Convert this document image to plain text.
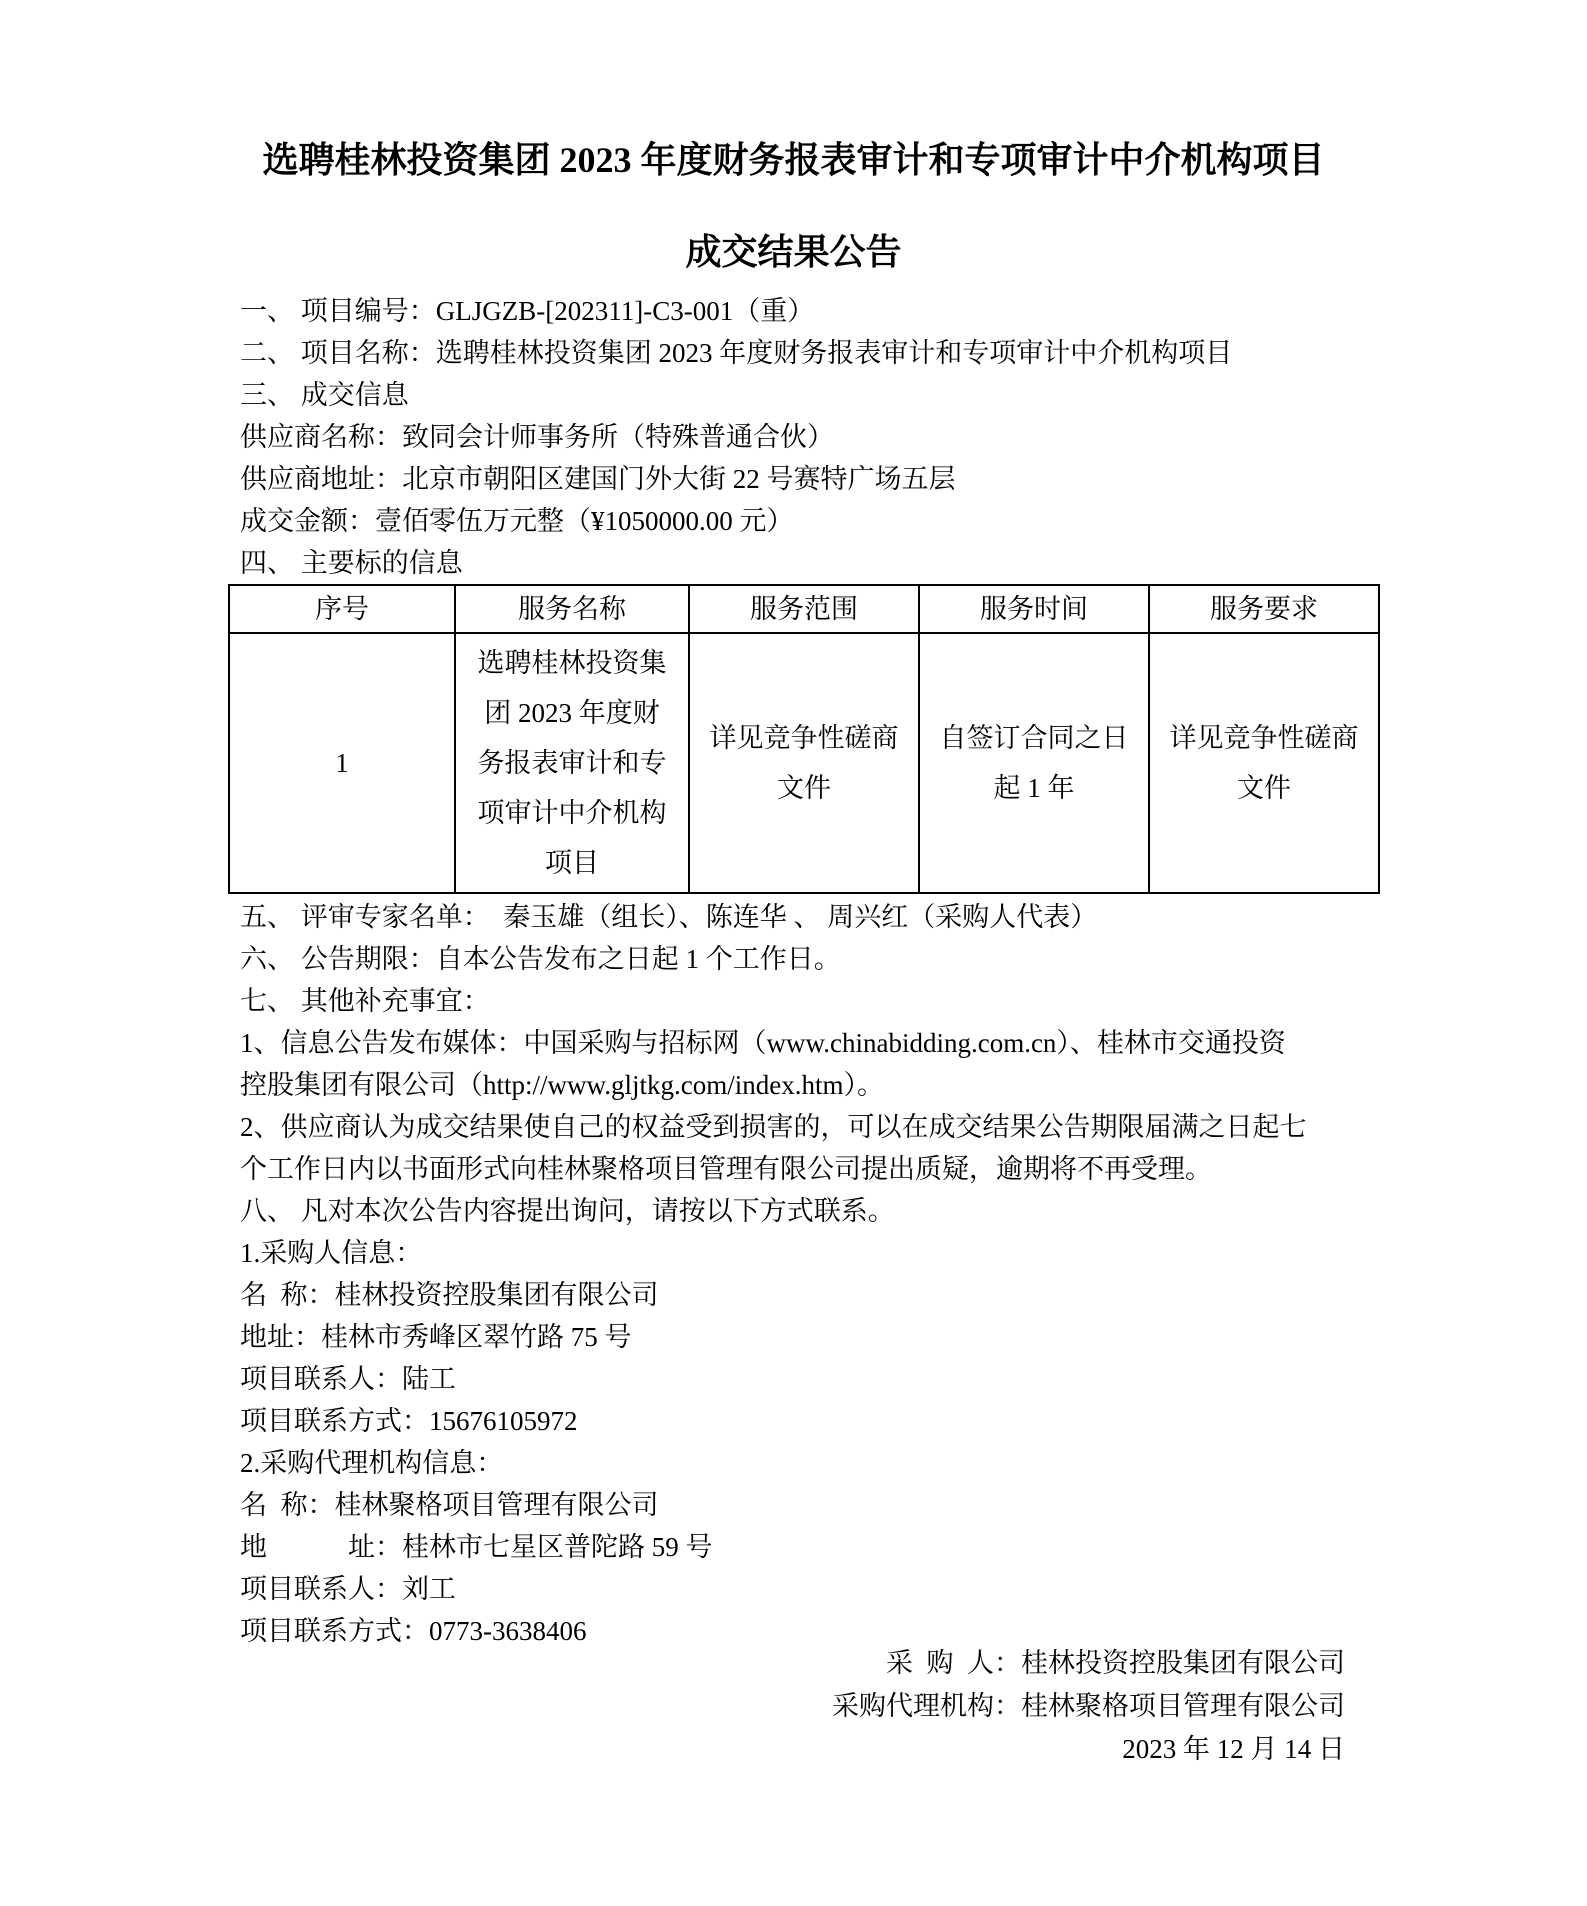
选聘桂林投资集团 2023 年度财务报表审计和专项审计中介机构项目
成交结果公告

一、 项目编号：GLJGZB-[202311]-C3-001（重）

二、 项目名称：选聘桂林投资集团 2023 年度财务报表审计和专项审计中介机构项目

三、 成交信息

供应商名称：致同会计师事务所（特殊普通合伙）

供应商地址：北京市朝阳区建国门外大街 22 号赛特广场五层

成交金额：壹佰零伍万元整（¥1050000.00 元）

四、 主要标的信息

序号	服务名称	服务范围	服务时间	服务要求
1	选聘桂林投资集团 2023 年度财务报表审计和专项审计中介机构项目	详见竞争性磋商文件	自签订合同之日起 1 年	详见竞争性磋商文件

五、 评审专家名单： 秦玉雄（组长）、陈连华 、 周兴红（采购人代表）

六、 公告期限：自本公告发布之日起 1 个工作日。

七、 其他补充事宜：

1、信息公告发布媒体：中国采购与招标网（www.chinabidding.com.cn）、桂林市交通投资

控股集团有限公司（http://www.gljtkg.com/index.htm）。

2、供应商认为成交结果使自己的权益受到损害的，可以在成交结果公告期限届满之日起七

个工作日内以书面形式向桂林聚格项目管理有限公司提出质疑，逾期将不再受理。

八、 凡对本次公告内容提出询问，请按以下方式联系。

1.采购人信息：

名 称：桂林投资控股集团有限公司

地址：桂林市秀峰区翠竹路 75 号

项目联系人：陆工

项目联系方式：15676105972

2.采购代理机构信息：

名 称：桂林聚格项目管理有限公司

地　　　址：桂林市七星区普陀路 59 号

项目联系人：刘工

项目联系方式：0773-3638406

采 购 人：桂林投资控股集团有限公司

采购代理机构：桂林聚格项目管理有限公司

2023 年 12 月 14 日
